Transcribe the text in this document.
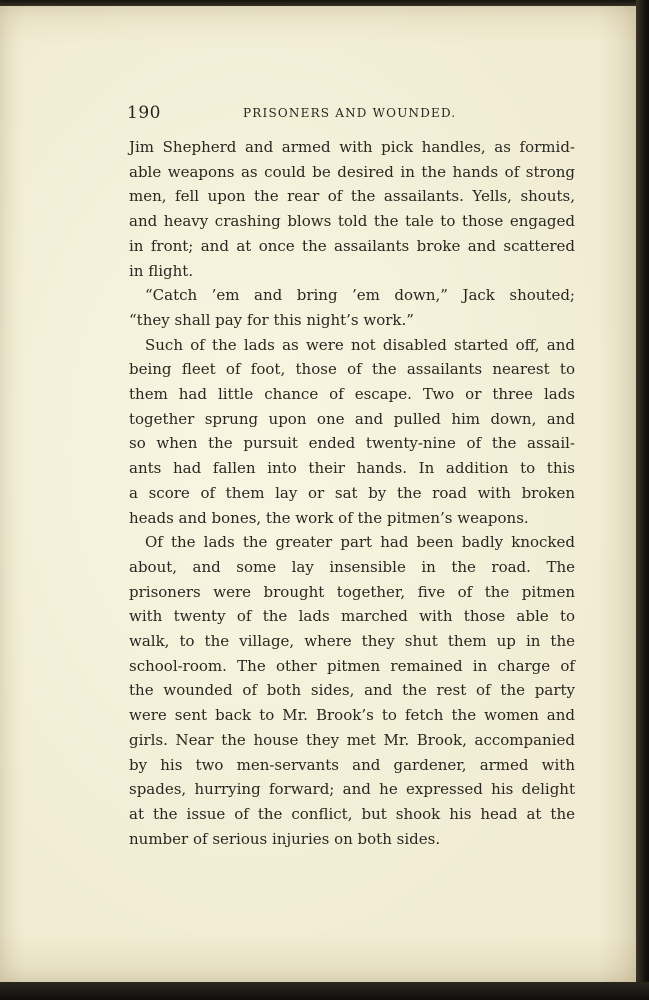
190	PRISONERS AND WOUNDED.
Jim Shepherd and armed with pick handles, as formid-
able weapons as could be desired in the hands of strong
men, fell upon the rear of the assailants. Yells, shouts,
and heavy crashing blows told the tale to those engaged
in front; and at once the assailants broke and scattered
in flight.
“Catch ’em and bring ’em down,” Jack shouted;
“they shall pay for this night’s work.”
Such of the lads as were not disabled started off, and
being fleet of foot, those of the assailants nearest to
them had little chance of escape. Two or three lads
together sprung upon one and pulled him down, and
so when the pursuit ended twenty-nine of the assail-
ants had fallen into their hands. In addition to this
a score of them lay or sat by the road with broken
heads and bones, the work of the pitmen’s weapons.
Of the lads the greater part had been badly knocked
about, and some lay insensible in the road. The
prisoners were brought together, five of the pitmen
with twenty of the lads marched with those able to
walk, to the village, where they shut them up in the
school-room. The other pitmen remained in charge of
the wounded of both sides, and the rest of the party
were sent back to Mr. Brook’s to fetch the women and
girls. Near the house they met Mr. Brook, accompanied
by his two men-servants and gardener, armed with
spades, hurrying forward; and he expressed his delight
at the issue of the conflict, but shook his head at the
number of serious injuries on both sides.
